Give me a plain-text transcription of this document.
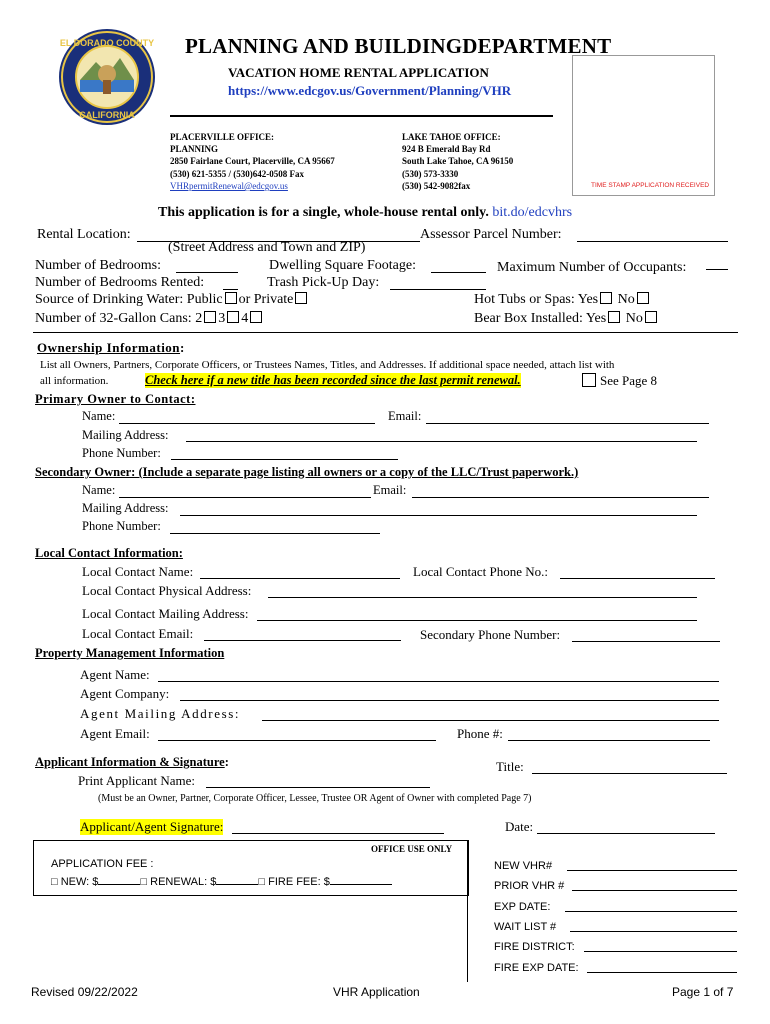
EL DORADO COUNTY
CALIFORNIA
PLANNING AND BUILDINGDEPARTMENT
VACATION HOME RENTAL APPLICATION
https://www.edcgov.us/Government/Planning/VHR
TIME STAMP APPLICATION RECEIVED
PLACERVILLE OFFICE:
PLANNING
2850 Fairlane Court, Placerville, CA 95667
(530) 621-5355 / (530)642-0508 Fax
VHRpermitRenewal@edcgov.us
LAKE TAHOE OFFICE:
924 B Emerald Bay Rd
South Lake Tahoe, CA 96150
(530) 573-3330
(530) 542-9082fax
This application is for a single, whole-house rental only. bit.do/edcvhrs
Rental Location:
(Street Address and Town and ZIP)
Assessor Parcel Number:
Number of Bedrooms:	Dwelling Square Footage:	Maximum Number of Occupants:
Number of Bedrooms Rented:	Trash Pick-Up Day:
Source of Drinking Water: Public or Private	Hot Tubs or Spas: Yes No
Number of 32-Gallon Cans: 2 3 4	Bear Box Installed: Yes No
Ownership Information:
List all Owners, Partners, Corporate Officers, or Trustees Names, Titles, and Addresses. If additional space needed, attach list with
all information.	Check here if a new title has been recorded since the last permit renewal.	See Page 8
Primary Owner to Contact:
Name:	Email:
Mailing Address:
Phone Number:
Secondary Owner: (Include a separate page listing all owners or a copy of the LLC/Trust paperwork.)
Name:	Email:
Mailing Address:
Phone Number:
Local Contact Information:
Local Contact Name:	Local Contact Phone No.:
Local Contact Physical Address:
Local Contact Mailing Address:
Local Contact Email:	Secondary Phone Number:
Property Management Information
Agent Name:
Agent Company:
Agent Mailing Address:
Agent Email:	Phone #:
Applicant Information & Signature:	Title:
Print Applicant Name:
(Must be an Owner, Partner, Corporate Officer, Lessee, Trustee OR Agent of Owner with completed Page 7)
Applicant/Agent Signature:	Date:
OFFICE USE ONLY
APPLICATION FEE :
□ NEW: $	□ RENEWAL: $	□ FIRE FEE: $
NEW VHR#
PRIOR VHR #
EXP DATE:
WAIT LIST #
FIRE DISTRICT:
FIRE EXP DATE:
Revised 09/22/2022	VHR Application	Page 1 of 7
